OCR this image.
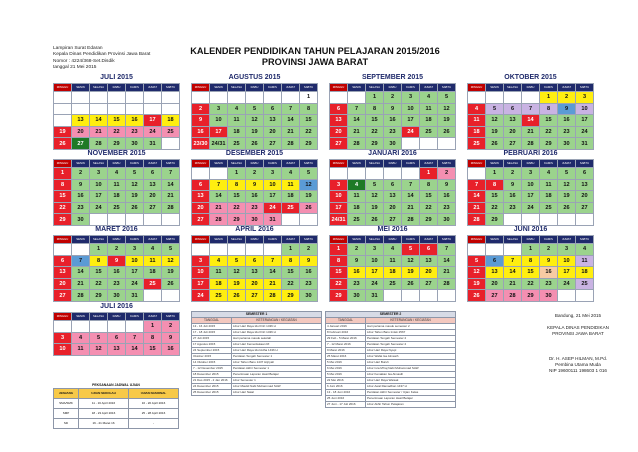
Lampiran Surat Edaran
Kepala Dinas Pendidikan Provinsi Jawa Barat
Nomor : 4224/368-Set.Disdik
tanggal 21 Mei 2015
KALENDER PENDIDIKAN TAHUN PELAJARAN 2015/2016
PROVINSI JAWA BARAT
JULI 2015
MINGGU	SENIN	SELASA	RABU	KAMIS	JUMAT	SABTU

	13	14	15	16	17	18
19	20	21	22	23	24	25
26	27	28	29	30	31	
AGUSTUS 2015
MINGGU	SENIN	SELASA	RABU	KAMIS	JUMAT	SABTU
						1
2	3	4	5	6	7	8
9	10	11	12	13	14	15
16	17	18	19	20	21	22
23/30	24/31	25	26	27	28	29
SEPTEMBER 2015
MINGGU	SENIN	SELASA	RABU	KAMIS	JUMAT	SABTU
		1	2	3	4	5
6	7	8	9	10	11	12
13	14	15	16	17	18	19
20	21	22	23	24	25	26
27	28	29	30			
OKTOBER 2015
MINGGU	SENIN	SELASA	RABU	KAMIS	JUMAT	SABTU
				1	2	3
4	5	6	7	8	9	10
11	12	13	14	15	16	17
18	19	20	21	22	23	24
25	26	27	28	29	30	31
NOVEMBER 2015
MINGGU	SENIN	SELASA	RABU	KAMIS	JUMAT	SABTU
1	2	3	4	5	6	7
8	9	10	11	12	13	14
15	16	17	18	19	20	21
22	23	24	25	26	27	28
29	30					
DESEMBER 2015
MINGGU	SENIN	SELASA	RABU	KAMIS	JUMAT	SABTU
		1	2	3	4	5
6	7	8	9	10	11	12
13	14	15	16	17	18	19
20	21	22	23	24	25	26
27	28	29	30	31		
JANUARI 2016
MINGGU	SENIN	SELASA	RABU	KAMIS	JUMAT	SABTU
					1	2
3	4	5	6	7	8	9
10	11	12	13	14	15	16
17	18	19	20	21	22	23
24/31	25	26	27	28	29	30
PEBRUARI 2016
MINGGU	SENIN	SELASA	RABU	KAMIS	JUMAT	SABTU
	1	2	3	4	5	6
7	8	9	10	11	12	13
14	15	16	17	18	19	20
21	22	23	24	25	26	27
28	29					
MARET 2016
MINGGU	SENIN	SELASA	RABU	KAMIS	JUMAT	SABTU
		1	2	3	4	5
6	7	8	9	10	11	12
13	14	15	16	17	18	19
20	21	22	23	24	25	26
27	28	29	30	31		
APRIL 2016
MINGGU	SENIN	SELASA	RABU	KAMIS	JUMAT	SABTU
					1	2
3	4	5	6	7	8	9
10	11	12	13	14	15	16
17	18	19	20	21	22	23
24	25	26	27	28	29	30
MEI 2016
MINGGU	SENIN	SELASA	RABU	KAMIS	JUMAT	SABTU
1	2	3	4	5	6	7
8	9	10	11	12	13	14
15	16	17	18	19	20	21
22	23	24	25	26	27	28
29	30	31				
JUNI 2016
MINGGU	SENIN	SELASA	RABU	KAMIS	JUMAT	SABTU
			1	2	3	4
5	6	7	8	9	10	11
12	13	14	15	16	17	18
19	20	21	22	23	24	25
26	27	28	29	30		
JULI 2016
MINGGU	SENIN	SELASA	RABU	KAMIS	JUMAT	SABTU
					1	2
3	4	5	6	7	8	9
10	11	12	13	14	15	16
SEMESTER 1	
TANGGAL	KETERANGAN / KEGIATAN
13 - 16 Juli 2015	Libur Hari Raya Idul Fitri 1436 H
17 - 18 Juli 2015	Libur Hari Raya Idul Fitri 1436 H
27 Juli 2015	Hari pertama masuk sekolah
17 Agustus 2015	Libur Hari Kemerdekaan RI
24 September 2015	Libur Hari Raya Idul Adha 1436 H
Oktober 2015	Penilaian Tengah Semester 1
14 Oktober 2015	Libur Tahun Baru 1437 Hijriyah
7 - 12 Desember 2015	Penilaian Akhir Semester 1
18 Desember 2015	Penerimaan Laporan Hasil Belajar
21 Des 2015 - 2 Jan 2016	Libur Semester 1
24 Desember 2015	Libur Maulid Nabi Muhammad SAW
25 Desember 2015	Libur Hari Natal
SEMESTER 2	
TANGGAL	KETERANGAN / KEGIATAN
4 Januari 2016	Hari pertama masuk semester 2
8 Februari 2016	Libur Tahun Baru Imlek 2567
29 Feb - 5 Maret 2016	Penilaian Tengah Semester 2
7 - 12 Maret 2016	Penilaian Tengah Semester 2
9 Maret 2016	Libur Hari Raya Nyepi
25 Maret 2016	Libur Wafat Isa Almasih
5 Mei 2016	Libur Hari Buruh
6 Mei 2016	Libur Isra Mi'raj Nabi Muhammad SAW
5 Mei 2016	Libur Kenaikan Isa Almasih
22 Mei 2016	Libur Hari Raya Waisak
6 Juni 2016	Libur Awal Ramadhan 1437 H
13 - 18 Juni 2016	Penilaian Akhir Semester / Ujian Kelas
25 Juni 2016	Penerimaan Laporan Hasil Belajar
27 Juni - 17 Juli 2016	Libur Akhir Tahun Pelajaran
PEKSANAAN JADWAL UJIAN
JENJANG	UJIAN SEKOLAH	UJIAN NASIONAL
SMA/SMK	11 - 16 April 2016	16 - 20 April 2016
SMP	18 - 23 April 2016	25 - 28 April 2016
SD	16 - 21 Maret 16	-
Bandung, 21 Mei 2015
KEPALA DINAS PENDIDIKAN
PROVINSI JAWA BARAT
Dr. H. ASEP HILMAN, M.Pd.
Pembina Utama Muda
NIP 19600111 198603 1 016
